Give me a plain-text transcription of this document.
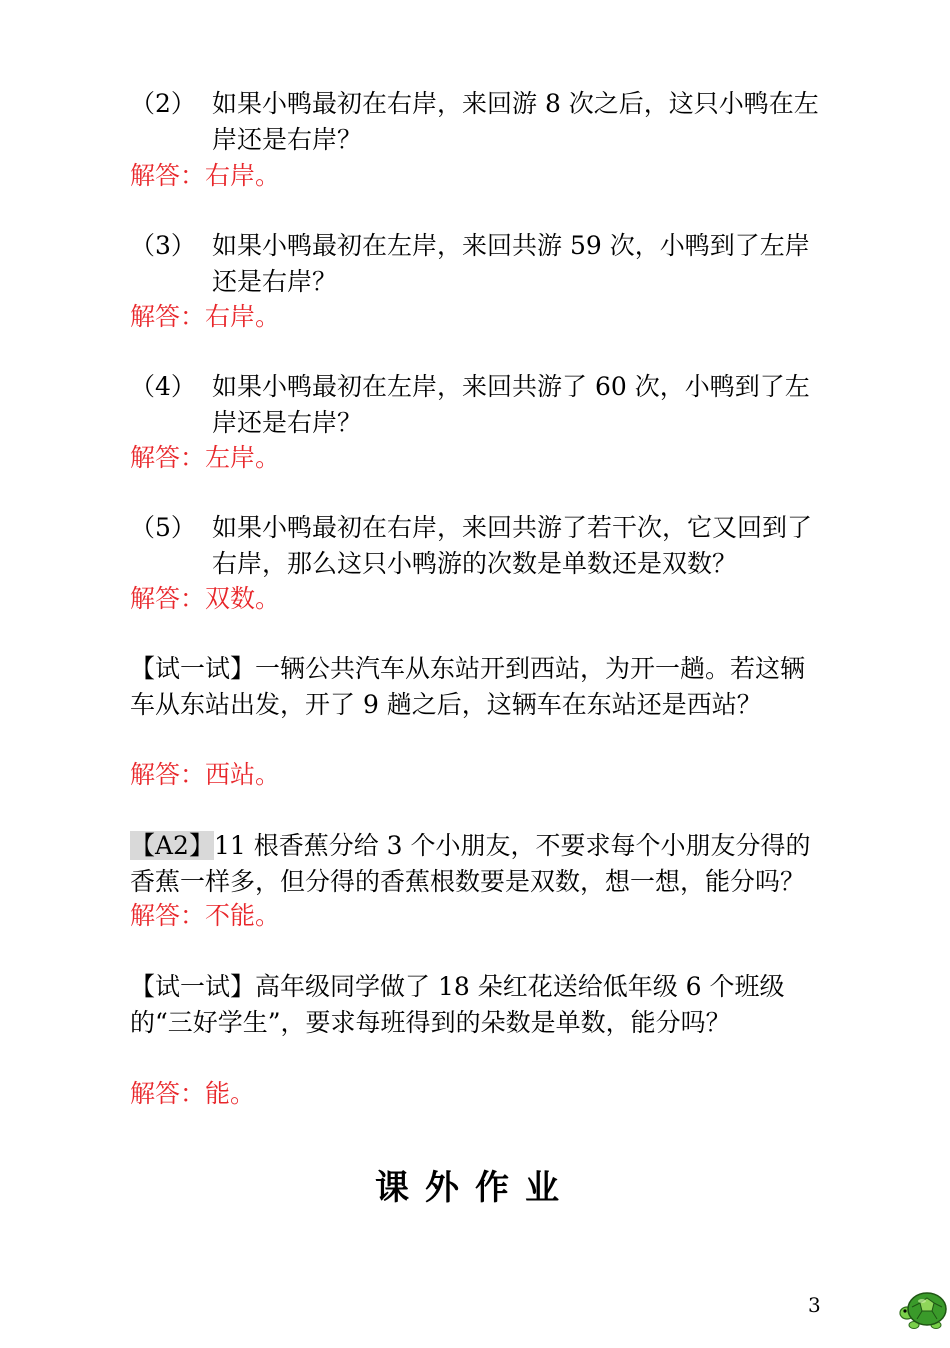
（2） 如果小鸭最初在右岸，来回游 8 次之后，这只小鸭在左岸还是右岸？
解答：右岸。
（3） 如果小鸭最初在左岸，来回共游 59 次，小鸭到了左岸还是右岸？
解答：右岸。
（4） 如果小鸭最初在左岸，来回共游了 60 次，小鸭到了左岸还是右岸？
解答：左岸。
（5） 如果小鸭最初在右岸，来回共游了若干次，它又回到了右岸，那么这只小鸭游的次数是单数还是双数？
解答：双数。
【试一试】一辆公共汽车从东站开到西站，为开一趟。若这辆车从东站出发，开了 9 趟之后，这辆车在东站还是西站？
解答：西站。
【A2】11 根香蕉分给 3 个小朋友，不要求每个小朋友分得的香蕉一样多，但分得的香蕉根数要是双数，想一想，能分吗？
解答：不能。
【试一试】高年级同学做了 18 朵红花送给低年级 6 个班级的“三好学生”，要求每班得到的朵数是单数，能分吗？
解答：能。
课外作业
3
